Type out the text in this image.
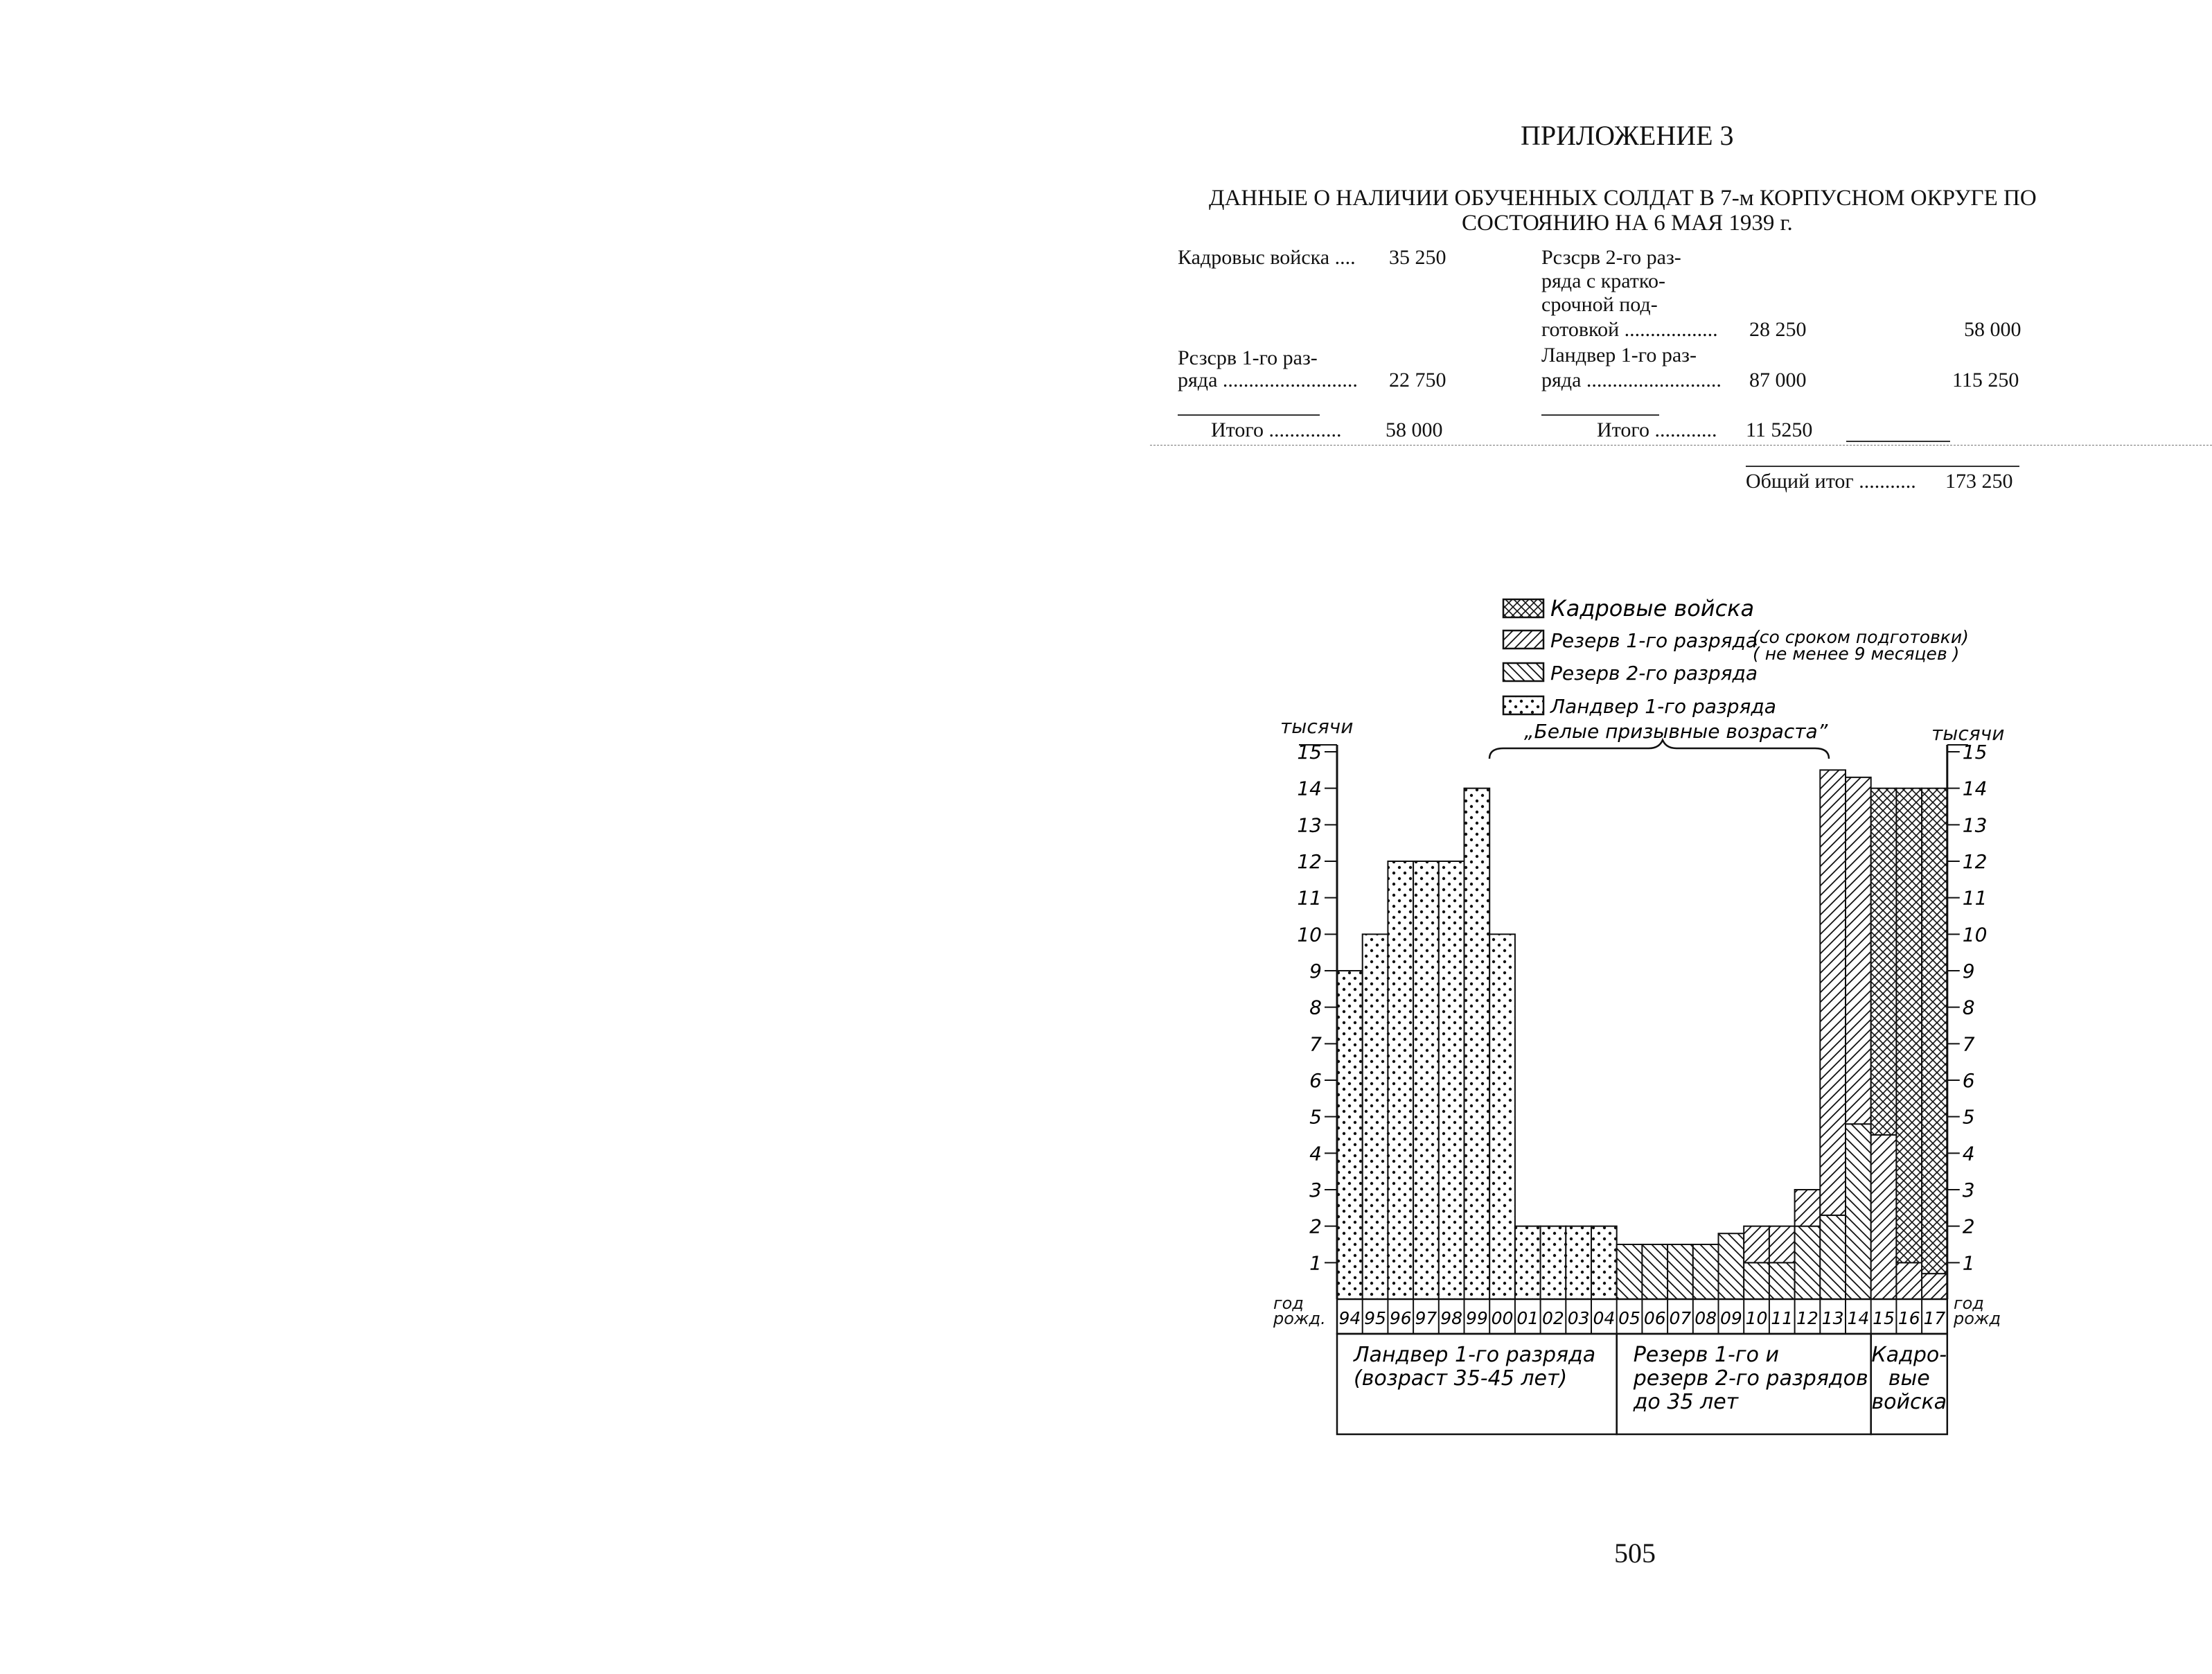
ПРИЛОЖЕНИЕ 3
ДАННЫЕ О НАЛИЧИИ ОБУЧЕННЫХ СОЛДАТ В 7-м КОРПУСНОМ ОКРУГЕ ПО
СОСТОЯНИЮ НА 6 МАЯ 1939 г.
Кадровыс войска .... 35 250
Рсзсрв 1-го раз-
ряда .......................... 22 750
Итого .............. 58 000
Рсзсрв 2-го раз-
ряда с кратко-
срочной под-
готовкой .................. 28 250	58 000
Ландвер 1-го раз-
ряда .......................... 87 000	115 250
Итого ............ 11 5250
Общий итог ........... 173 250
1	1
2	2
3	3
4	4
5	5
6	6
7	7
8	8
9	9
10	10
11	11
12	12
13	13
14	14
15	15
94 95 96 97 98 99 00 01 02 03 04 05 06 07 08 09 10 11 12 13 14 15 16 17
Кадровые войска
Резерв 1-го разряда
Резерв 2-го разряда
Ландвер 1-го разряда
(со сроком подготовки)
( не менее 9 месяцев )
„Белые призывные возраста”
Ландвер 1-го разряда
(возраст 35-45 лет)
Резерв 1-го и
резерв 2-го разрядов
до 35 лет
Кадро-
вые
войска
тысячи	тысячи
год рожд.
год рожд
505
